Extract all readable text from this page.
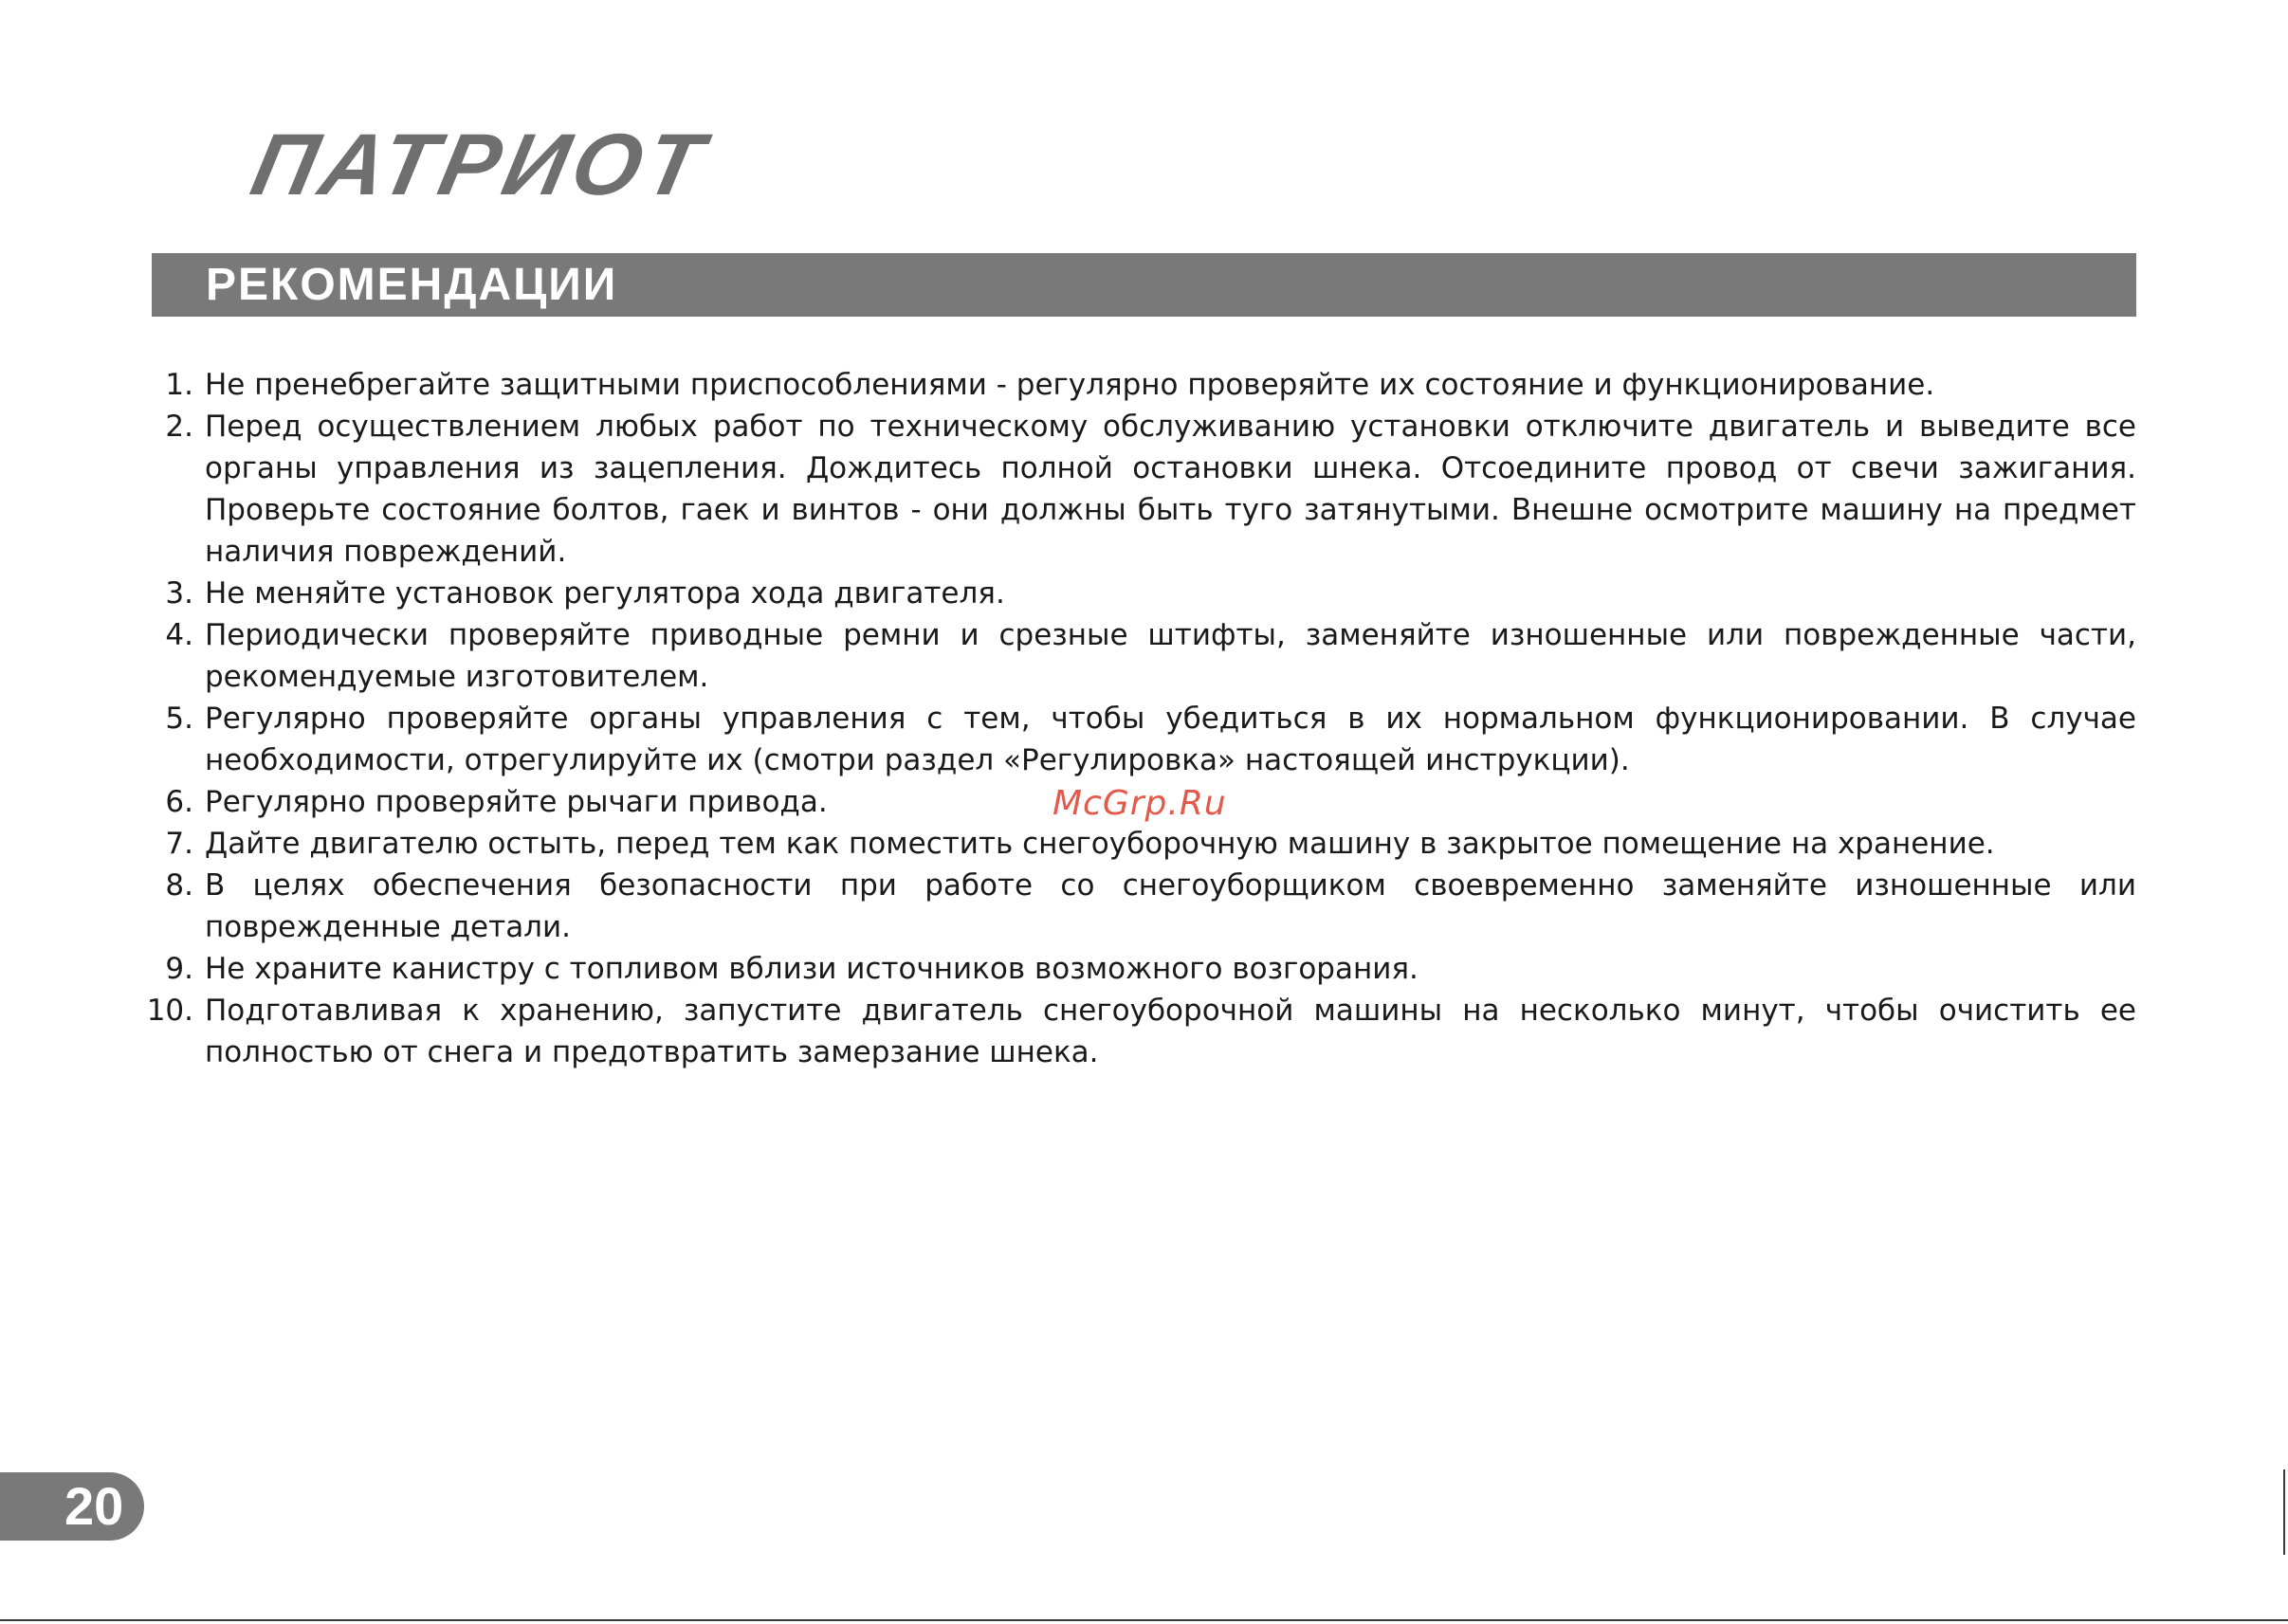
ПАТРИОТ
РЕКОМЕНДАЦИИ
1. Не пренебрегайте защитными приспособлениями - регулярно проверяйте их состояние и функционирование.
2. Перед осуществлением любых работ по техническому обслуживанию установки отключите двигатель и выведите все органы управления из зацепления. Дождитесь полной остановки шнека. Отсоедините провод от свечи зажигания. Проверьте состояние болтов, гаек и винтов - они должны быть туго затянутыми. Внешне осмотрите машину на предмет наличия повреждений.
3. Не меняйте установок регулятора хода двигателя.
4. Периодически проверяйте приводные ремни и срезные штифты, заменяйте изношенные или поврежденные части, рекомендуемые изготовителем.
5. Регулярно проверяйте органы управления с тем, чтобы убедиться в их нормальном функционировании. В случае необходимости, отрегулируйте их (смотри раздел «Регулировка» настоящей инструкции).
6. Регулярно проверяйте рычаги привода.
7. Дайте двигателю остыть, перед тем как поместить снегоуборочную машину в закрытое помещение на хранение.
8. В целях обеспечения безопасности при работе со снегоуборщиком своевременно заменяйте изношенные или поврежденные детали.
9. Не храните канистру с топливом вблизи источников возможного возгорания.
10. Подготавливая к хранению, запустите двигатель снегоуборочной машины на несколько минут, чтобы очистить ее полностью от снега и предотвратить замерзание шнека.
McGrp.Ru
20
